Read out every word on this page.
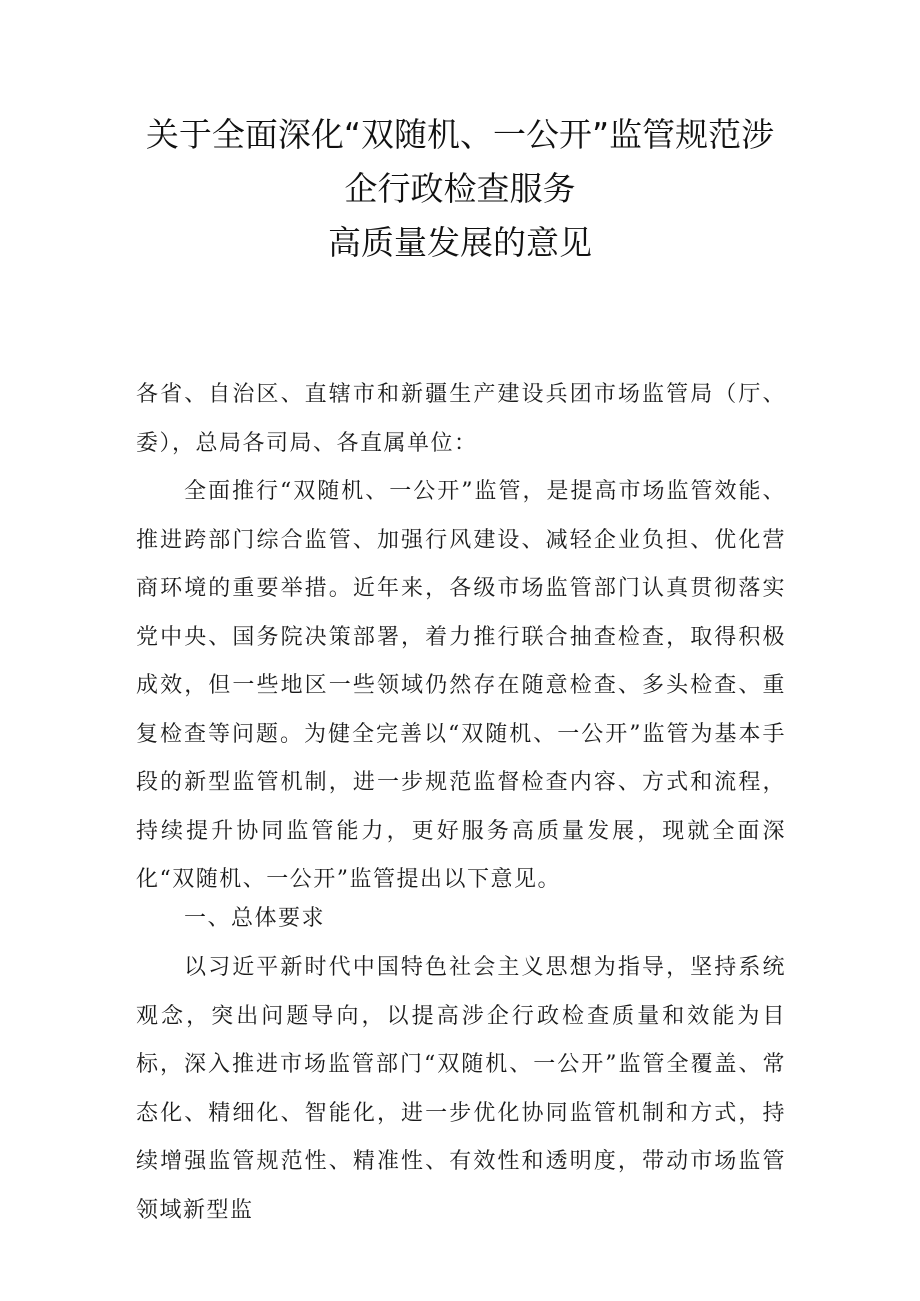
关于全面深化“双随机、一公开”监管规范涉
企行政检查服务
高质量发展的意见

各省、自治区、直辖市和新疆生产建设兵团市场监管局（厅、委），总局各司局、各直属单位：

全面推行“双随机、一公开”监管，是提高市场监管效能、推进跨部门综合监管、加强行风建设、减轻企业负担、优化营商环境的重要举措。近年来，各级市场监管部门认真贯彻落实党中央、国务院决策部署，着力推行联合抽查检查，取得积极成效，但一些地区一些领域仍然存在随意检查、多头检查、重复检查等问题。为健全完善以“双随机、一公开”监管为基本手段的新型监管机制，进一步规范监督检查内容、方式和流程，持续提升协同监管能力，更好服务高质量发展，现就全面深化“双随机、一公开”监管提出以下意见。

一、总体要求

以习近平新时代中国特色社会主义思想为指导，坚持系统观念，突出问题导向，以提高涉企行政检查质量和效能为目标，深入推进市场监管部门“双随机、一公开”监管全覆盖、常态化、精细化、智能化，进一步优化协同监管机制和方式，持续增强监管规范性、精准性、有效性和透明度，带动市场监管领域新型监
